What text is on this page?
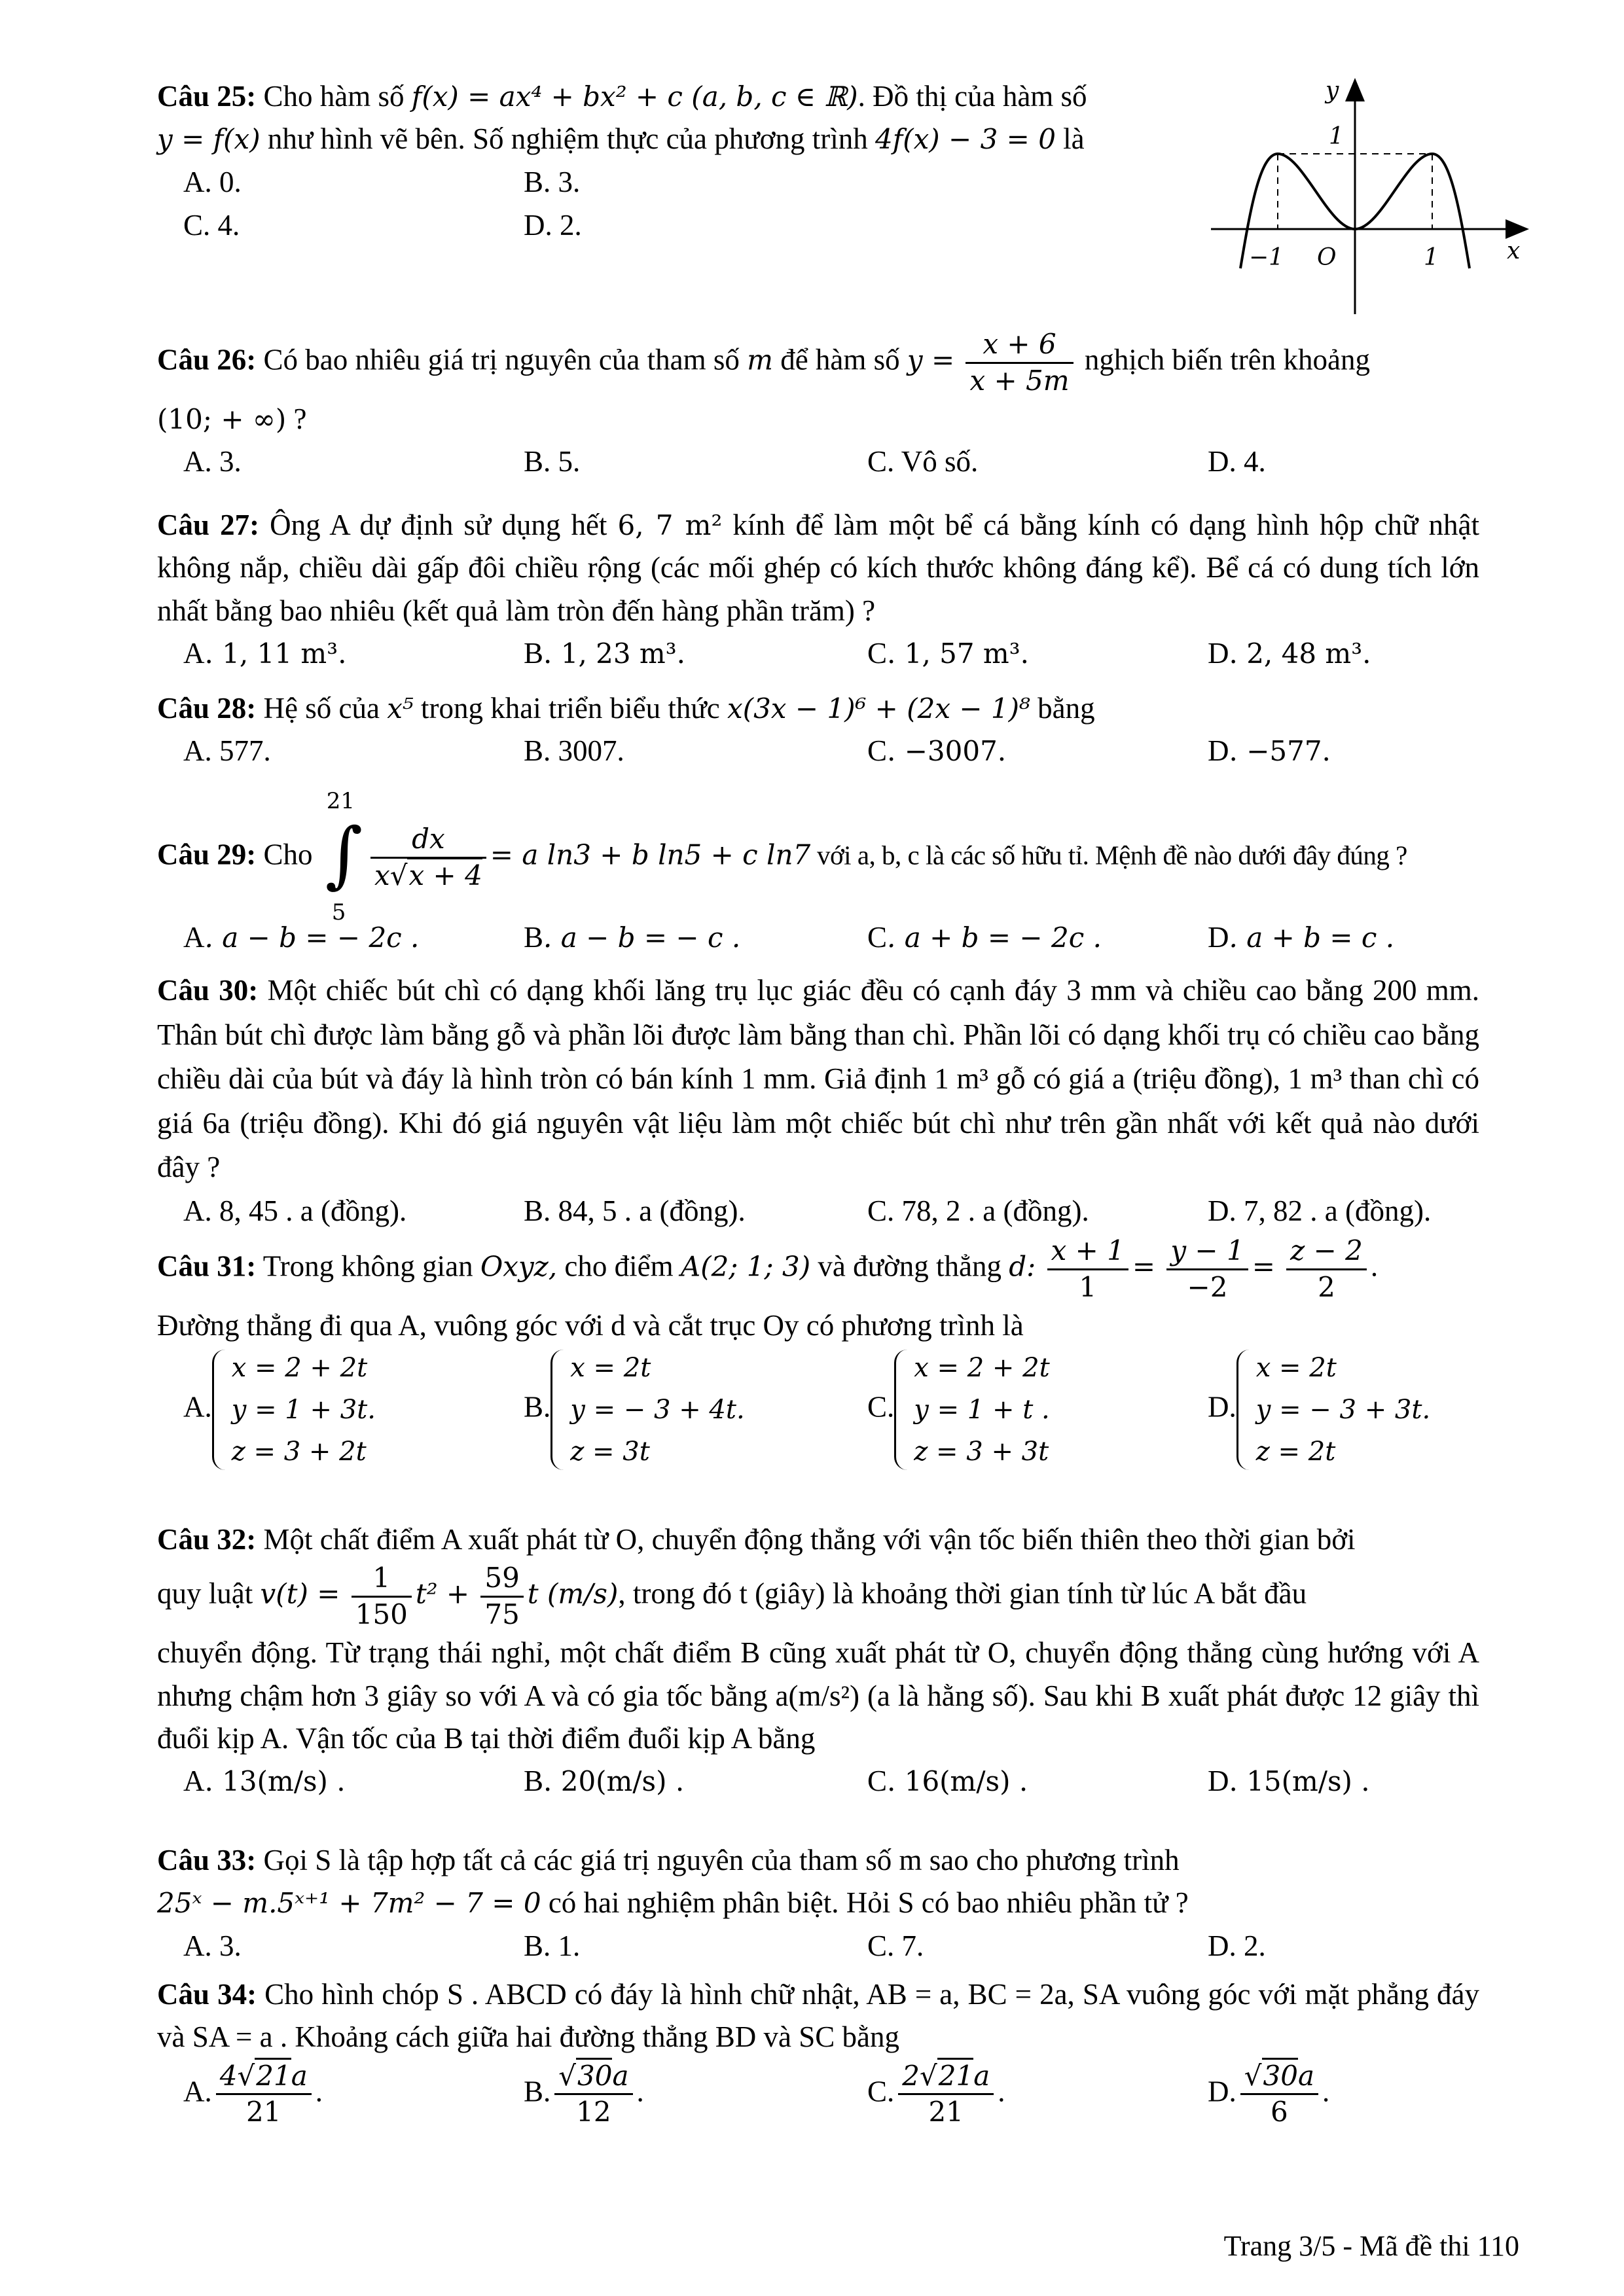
Câu 25: Cho hàm số f(x) = ax⁴ + bx² + c (a, b, c ∈ ℝ). Đồ thị của hàm số
y = f(x) như hình vẽ bên. Số nghiệm thực của phương trình 4f(x) − 3 = 0 là

A. 0.	B. 3.
C. 4.	D. 2.
y
1
x
−1 O	1

Câu 26: Có bao nhiêu giá trị nguyên của tham số m để hàm số $y = \frac{x + 6}{x + 5m}$ nghịch biến trên khoảng
(10; + ∞) ?

A. 3.	B. 5.	C. Vô số.	D. 4.

Câu 27: Ông A dự định sử dụng hết 6, 7 m² kính để làm một bể cá bằng kính có dạng hình hộp chữ nhật không nắp, chiều dài gấp đôi chiều rộng (các mối ghép có kích thước không đáng kể). Bể cá có dung tích lớn nhất bằng bao nhiêu (kết quả làm tròn đến hàng phần trăm) ?

A. 1, 11 m³.	B. 1, 23 m³.	C. 1, 57 m³.	D. 2, 48 m³.

Câu 28: Hệ số của x⁵ trong khai triển biểu thức x(3x − 1)⁶ + (2x − 1)⁸ bằng

A. 577.	B. 3007.	C. −3007.	D. −577.

Câu 29: Cho
21
∫
5

$\frac{dx}{x√x + 4} = a$ ln3 + b ln5 + c ln7 với a, b, c là các số hữu tỉ. Mệnh đề nào dưới đây đúng ?

A. a − b = − 2c .	B. a − b = − c .	C. a + b = − 2c .	D. a + b = c .

Câu 30: Một chiếc bút chì có dạng khối lăng trụ lục giác đều có cạnh đáy 3 mm và chiều cao bằng 200 mm. Thân bút chì được làm bằng gỗ và phần lõi được làm bằng than chì. Phần lõi có dạng khối trụ có chiều cao bằng chiều dài của bút và đáy là hình tròn có bán kính 1 mm. Giả định 1 m³ gỗ có giá a (triệu đồng), 1 m³ than chì có giá 6a (triệu đồng). Khi đó giá nguyên vật liệu làm một chiếc bút chì như trên gần nhất với kết quả nào dưới đây ?

A. 8, 45 . a (đồng).	B. 84, 5 . a (đồng).	C. 78, 2 . a (đồng).	D. 7, 82 . a (đồng).

Câu 31: Trong không gian Oxyz, cho điểm A(2; 1; 3) và đường thẳng d: $\frac{x + 1}{1} = \frac{y - 1}{-2} = \frac{z - 2}{2}$ .
Đường thẳng đi qua A, vuông góc với d và cắt trục Oy có phương trình là

A.
x = 2 + 2t
y = 1 + 3t.
z = 3 + 2t
B.
x = 2t
y = − 3 + 4t.
z = 3t
C.
x = 2 + 2t
y = 1 + t .
z = 3 + 3t
D.
x = 2t
y = − 3 + 3t.
z = 2t

Câu 32: Một chất điểm A xuất phát từ O, chuyển động thẳng với vận tốc biến thiên theo thời gian bởi
quy luật $v(t) = \frac{1}{150} t^2 + \frac{59}{75}$ t (m/s), trong đó t (giây) là khoảng thời gian tính từ lúc A bắt đầu
chuyển động. Từ trạng thái nghỉ, một chất điểm B cũng xuất phát từ O, chuyển động thẳng cùng hướng với A nhưng chậm hơn 3 giây so với A và có gia tốc bằng a(m/s²) (a là hằng số). Sau khi B xuất phát được 12 giây thì đuổi kịp A. Vận tốc của B tại thời điểm đuổi kịp A bằng

A. 13(m/s) .	B. 20(m/s) .	C. 16(m/s) .	D. 15(m/s) .

Câu 33: Gọi S là tập hợp tất cả các giá trị nguyên của tham số m sao cho phương trình
25ˣ − m.5ˣ⁺¹ + 7m² − 7 = 0 có hai nghiệm phân biệt. Hỏi S có bao nhiêu phần tử ?

A. 3.	B. 1.	C. 7.	D. 2.

Câu 34: Cho hình chóp S . ABCD có đáy là hình chữ nhật, AB = a, BC = 2a, SA vuông góc với mặt phẳng đáy và SA = a . Khoảng cách giữa hai đường thẳng BD và SC bằng

A. $\frac{4√21a}{21}$ .	B. $\frac{√30a}{12}$ .	C. $\frac{2√21a}{21}$ .	D. $\frac{√30a}{6}$ .
Trang 3/5 - Mã đề thi 110
